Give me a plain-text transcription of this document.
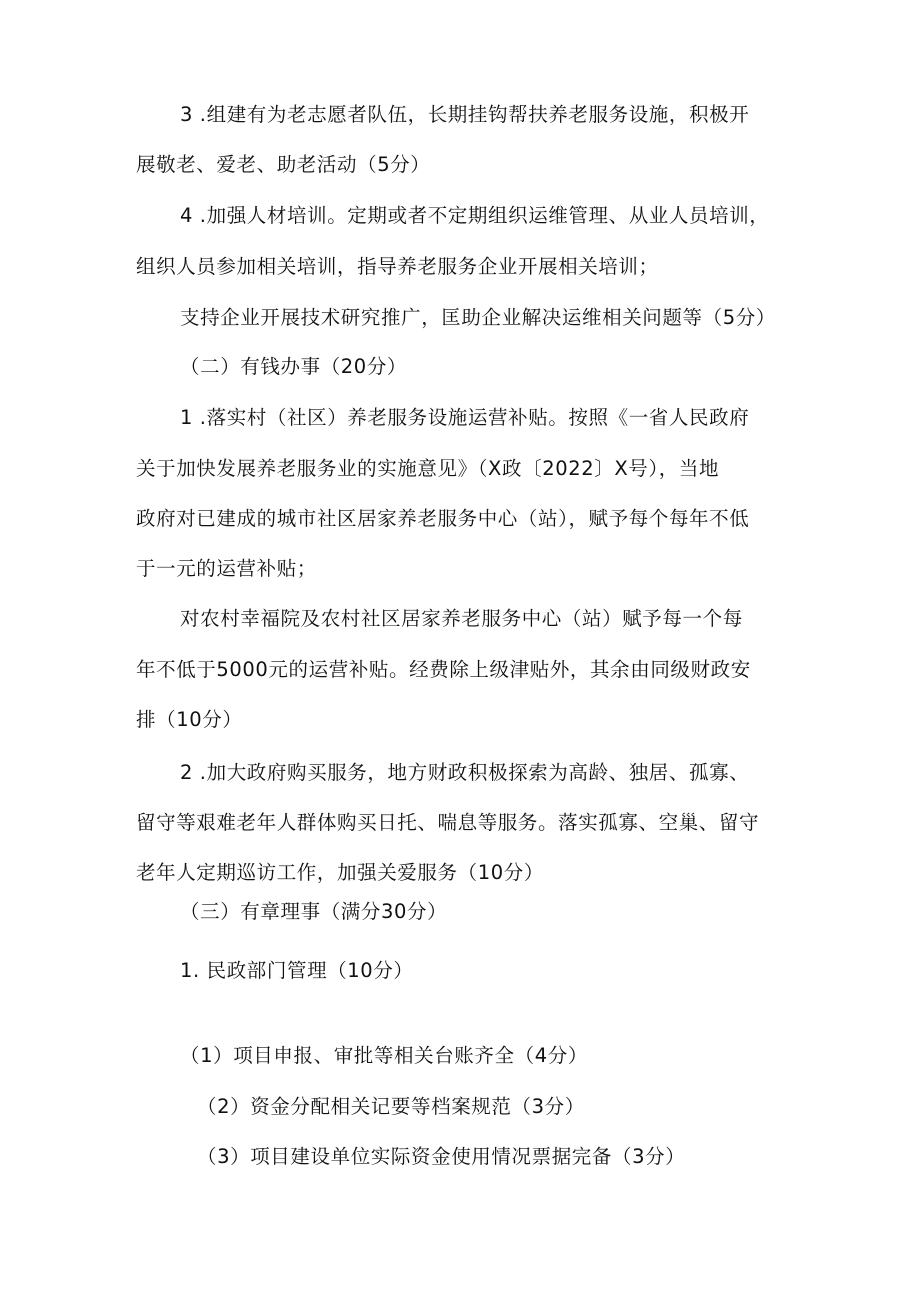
3 .组建有为老志愿者队伍，长期挂钩帮扶养老服务设施，积极开
展敬老、爱老、助老活动（5分）
4 .加强人材培训。定期或者不定期组织运维管理、从业人员培训，
组织人员参加相关培训，指导养老服务企业开展相关培训；
支持企业开展技术研究推广，匡助企业解决运维相关问题等（5分）
（二）有钱办事（20分）
1 .落实村（社区）养老服务设施运营补贴。按照《一省人民政府
关于加快发展养老服务业的实施意见》（X政〔2022〕X号），当地
政府对已建成的城市社区居家养老服务中心（站），赋予每个每年不低
于一元的运营补贴；
对农村幸福院及农村社区居家养老服务中心（站）赋予每一个每
年不低于5000元的运营补贴。经费除上级津贴外，其余由同级财政安
排（10分）
2 .加大政府购买服务，地方财政积极探索为高龄、独居、孤寡、
留守等艰难老年人群体购买日托、喘息等服务。落实孤寡、空巢、留守
老年人定期巡访工作，加强关爱服务（10分）
（三）有章理事（满分30分）
1. 民政部门管理（10分）
（1）项目申报、审批等相关台账齐全（4分）
（2）资金分配相关记要等档案规范（3分）
（3）项目建设单位实际资金使用情况票据完备（3分）
